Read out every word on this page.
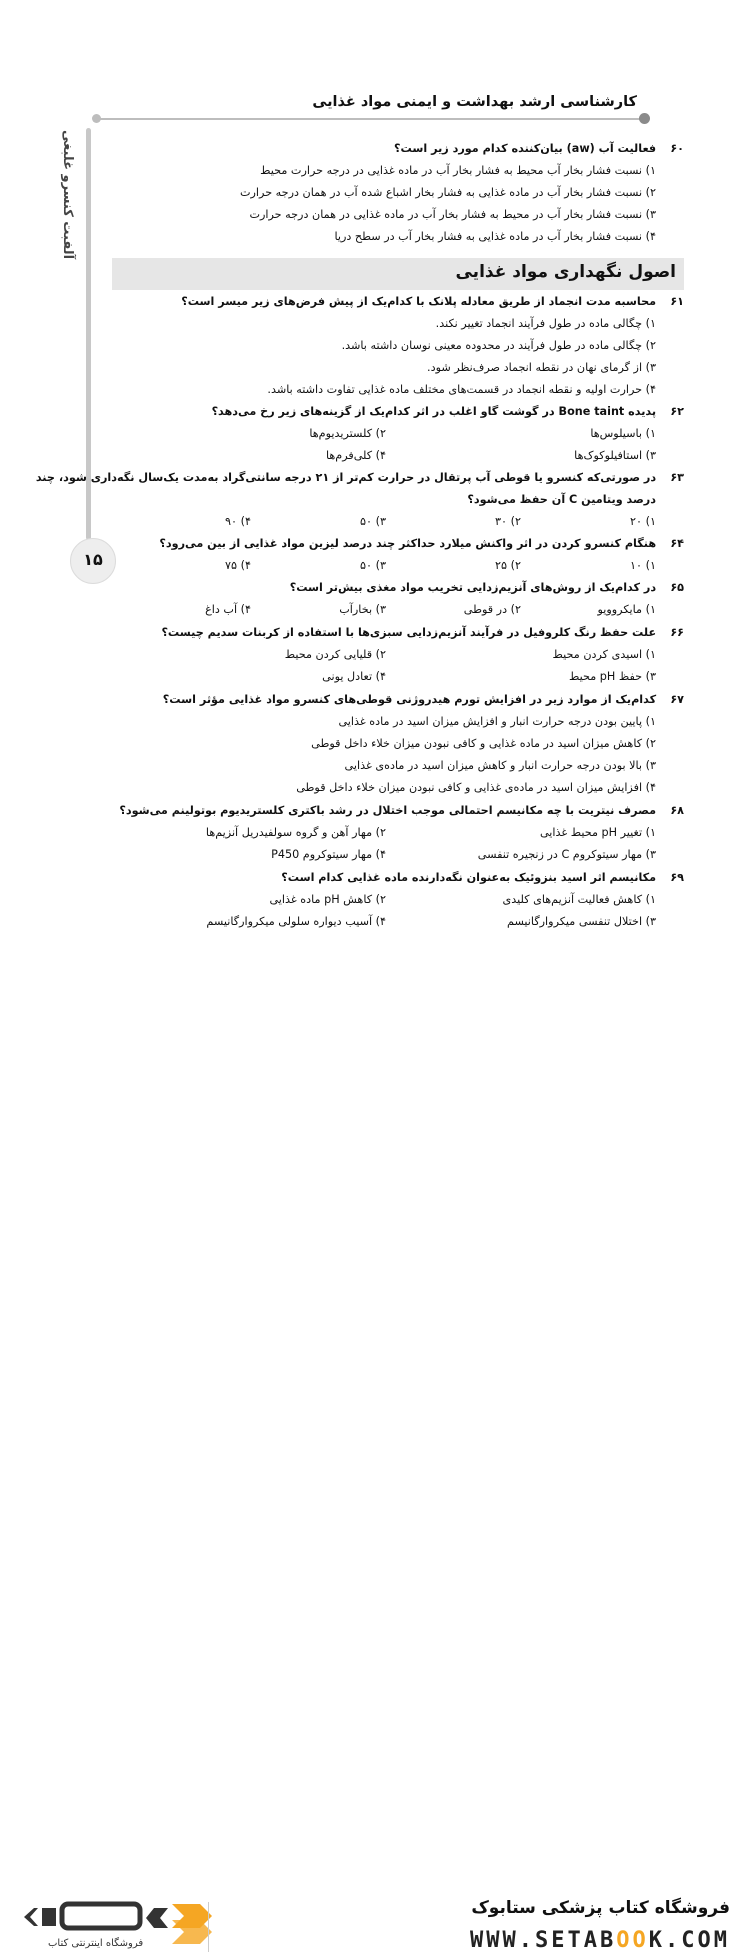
کارشناسی ارشد بهداشت و ایمنی مواد غذایی
آلفبت کنسرو غلبغی
۱۵
۶۰ فعالیت آب (aw) بیان‌کننده کدام مورد زیر است؟
۱) نسبت فشار بخار آب محیط به فشار بخار آب در ماده غذایی در درجه حرارت محیط
۲) نسبت فشار بخار آب در ماده غذایی به فشار بخار اشباع شده آب در همان درجه حرارت
۳) نسبت فشار بخار آب در محیط به فشار بخار آب در ماده غذایی در همان درجه حرارت
۴) نسبت فشار بخار آب در ماده غذایی به فشار بخار آب در سطح دریا
اصول نگهداری مواد غذایی
۶۱ محاسبه مدت انجماد از طریق معادله پلانک با کدام‌یک از پیش فرض‌های زیر میسر است؟
۱) چگالی ماده در طول فرآیند انجماد تغییر نکند.
۲) چگالی ماده در طول فرآیند در محدوده معینی نوسان داشته باشد.
۳) از گرمای نهان در نقطه انجماد صرف‌نظر شود.
۴) حرارت اولیه و نقطه انجماد در قسمت‌های مختلف ماده غذایی تفاوت داشته باشد.
۶۲ پدیده Bone taint در گوشت گاو اغلب در اثر کدام‌یک از گزینه‌های زیر رخ می‌دهد؟
۱) باسیلوس‌ها
۲) کلستریدیوم‌ها
۳) استافیلوکوک‌ها
۴) کلی‌فرم‌ها
۶۳ در صورتی‌که کنسرو یا قوطی آب پرتقال در حرارت کم‌تر از ۲۱ درجه سانتی‌گراد به‌مدت یک‌سال نگه‌داری شود، چند
درصد ویتامین C آن حفظ می‌شود؟
۱) ۲۰
۲) ۳۰
۳) ۵۰
۴) ۹۰
۶۴ هنگام کنسرو کردن در اثر واکنش میلارد حداکثر چند درصد لیزین مواد غذایی از بین می‌رود؟
۱) ۱۰
۲) ۲۵
۳) ۵۰
۴) ۷۵
۶۵ در کدام‌یک از روش‌های آنزیم‌زدایی تخریب مواد مغذی بیش‌تر است؟
۱) مایکروویو
۲) در قوطی
۳) بخارآب
۴) آب داغ
۶۶ علت حفظ رنگ کلروفیل در فرآیند آنزیم‌زدایی سبزی‌ها با استفاده از کربنات سدیم چیست؟
۱) اسیدی کردن محیط
۲) قلیایی کردن محیط
۳) حفظ pH محیط
۴) تعادل یونی
۶۷ کدام‌یک از موارد زیر در افزایش تورم هیدروژنی قوطی‌های کنسرو مواد غذایی مؤثر است؟
۱) پایین بودن درجه حرارت انبار و افزایش میزان اسید در ماده غذایی
۲) کاهش میزان اسید در ماده غذایی و کافی نبودن میزان خلاء داخل قوطی
۳) بالا بودن درجه حرارت انبار و کاهش میزان اسید در ماده‌ی غذایی
۴) افزایش میزان اسید در ماده‌ی غذایی و کافی نبودن میزان خلاء داخل قوطی
۶۸ مصرف نیتریت با چه مکانیسم احتمالی موجب اختلال در رشد باکتری کلستریدیوم بوتولینم می‌شود؟
۱) تغییر pH محیط غذایی
۲) مهار آهن و گروه سولفیدریل آنزیم‌ها
۳) مهار سیتوکروم C در زنجیره تنفسی
۴) مهار سیتوکروم P450
۶۹ مکانیسم اثر اسید بنزوئیک به‌عنوان نگه‌دارنده ماده غذایی کدام است؟
۱) کاهش فعالیت آنزیم‌های کلیدی
۲) کاهش pH ماده غذایی
۳) اختلال تنفسی میکروارگانیسم
۴) آسیب دیواره سلولی میکروارگانیسم
فروشگاه اینترنتی کتاب
فروشگاه کتاب پزشکی ستابوک
WWW.SETABOOK.COM
